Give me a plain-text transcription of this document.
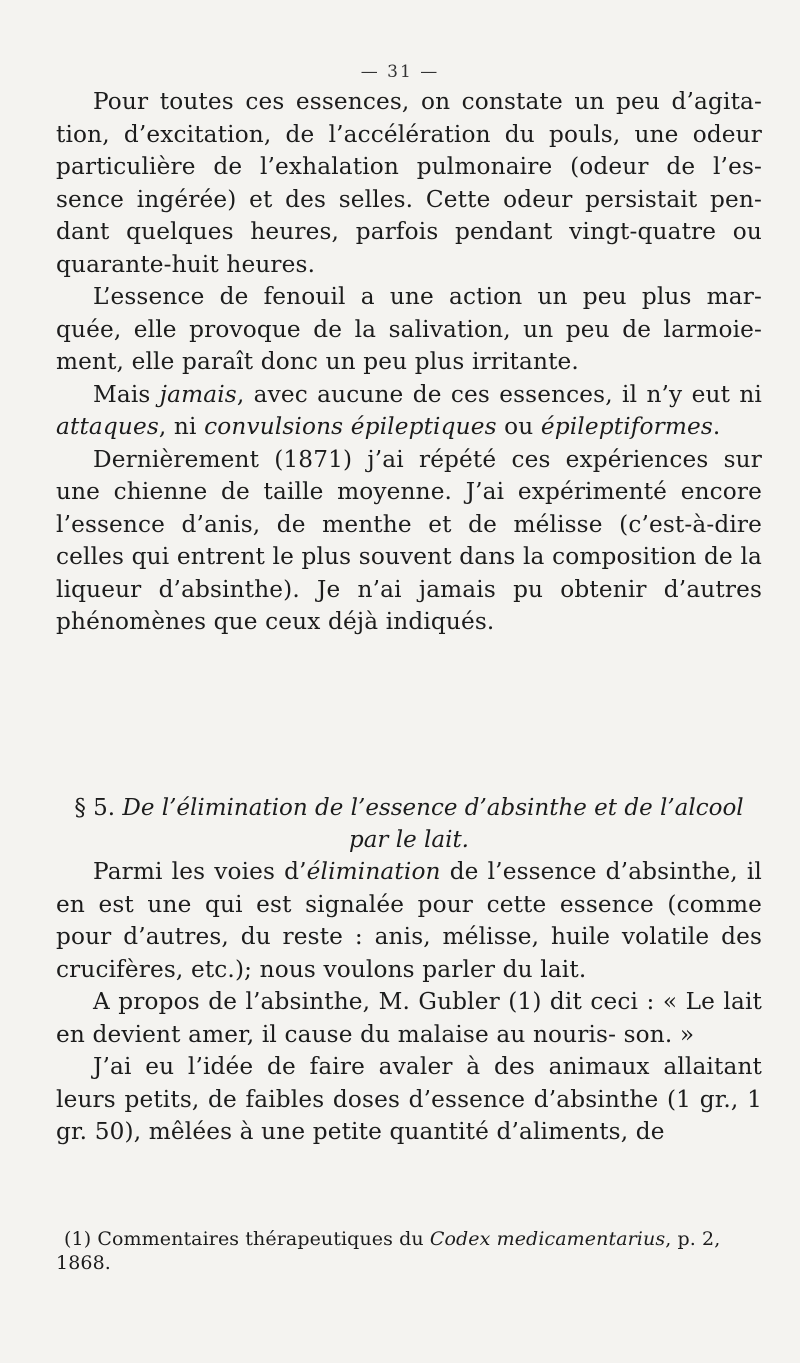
— 31 —

Pour toutes ces essences, on constate un peu d’agita- tion, d’excitation, de l’accélération du pouls, une odeur particulière de l’exhalation pulmonaire (odeur de l’es- sence ingérée) et des selles. Cette odeur persistait pen- dant quelques heures, parfois pendant vingt-quatre ou quarante-huit heures.

L’essence de fenouil a une action un peu plus mar- quée, elle provoque de la salivation, un peu de larmoie- ment, elle paraît donc un peu plus irritante.

Mais jamais, avec aucune de ces essences, il n’y eut ni attaques, ni convulsions épileptiques ou épileptiformes.

Dernièrement (1871) j’ai répété ces expériences sur une chienne de taille moyenne. J’ai expérimenté encore l’essence d’anis, de menthe et de mélisse (c’est-à-dire celles qui entrent le plus souvent dans la composition de la liqueur d’absinthe). Je n’ai jamais pu obtenir d’autres phénomènes que ceux déjà indiqués.

§ 5. De l’élimination de l’essence d’absinthe et de l’alcool par le lait.

Parmi les voies d’élimination de l’essence d’absinthe, il en est une qui est signalée pour cette essence (comme pour d’autres, du reste : anis, mélisse, huile volatile des crucifères, etc.); nous voulons parler du lait.

A propos de l’absinthe, M. Gubler (1) dit ceci : « Le lait en devient amer, il cause du malaise au nouris- son. »

J’ai eu l’idée de faire avaler à des animaux allaitant leurs petits, de faibles doses d’essence d’absinthe (1 gr., 1 gr. 50), mêlées à une petite quantité d’aliments, de

(1) Commentaires thérapeutiques du Codex medicamentarius, p. 2, 1868.
